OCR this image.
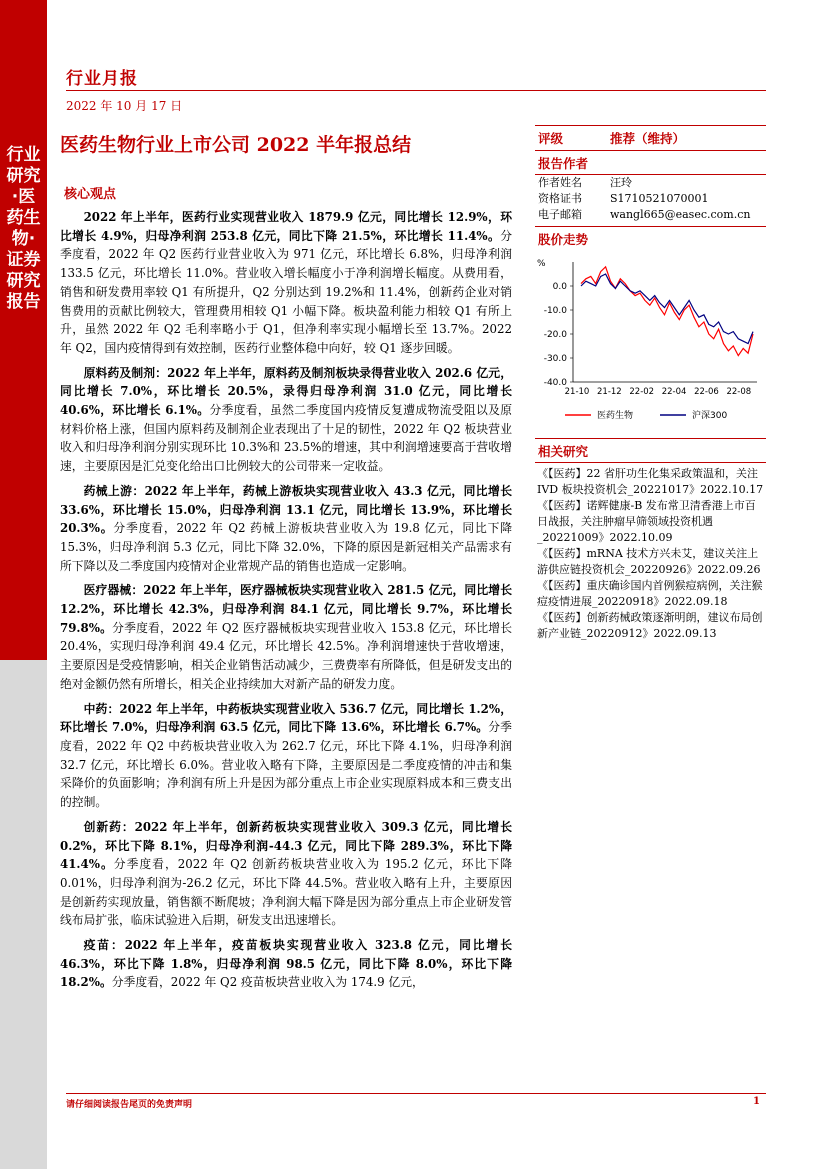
行业研究·医药生物·证券研究报告
行业月报
2022 年 10 月 17 日
医药生物行业上市公司 2022 半年报总结
核心观点

2022 年上半年，医药行业实现营业收入 1879.9 亿元，同比增长 12.9%，环比增长 4.9%，归母净利润 253.8 亿元，同比下降 21.5%，环比增长 11.4%。分季度看，2022 年 Q2 医药行业营业收入为 971 亿元，环比增长 6.8%，归母净利润 133.5 亿元，环比增长 11.0%。营业收入增长幅度小于净利润增长幅度。从费用看，销售和研发费用率较 Q1 有所提升，Q2 分别达到 19.2%和 11.4%，创新药企业对销售费用的贡献比例较大，管理费用相较 Q1 小幅下降。板块盈利能力相较 Q1 有所上升，虽然 2022 年 Q2 毛利率略小于 Q1，但净利率实现小幅增长至 13.7%。2022 年 Q2，国内疫情得到有效控制，医药行业整体稳中向好，较 Q1 逐步回暖。

原料药及制剂：2022 年上半年，原料药及制剂板块录得营业收入 202.6 亿元，同比增长 7.0%，环比增长 20.5%，录得归母净利润 31.0 亿元，同比增长 40.6%，环比增长 6.1%。分季度看，虽然二季度国内疫情反复遭成物流受阻以及原材料价格上涨，但国内原料药及制剂企业表现出了十足的韧性，2022 年 Q2 板块营业收入和归母净利润分别实现环比 10.3%和 23.5%的增速，其中利润增速要高于营收增速，主要原因是汇兑变化给出口比例较大的公司带来一定收益。

药械上游：2022 年上半年，药械上游板块实现营业收入 43.3 亿元，同比增长 33.6%，环比增长 15.0%，归母净利润 13.1 亿元，同比增长 13.9%，环比增长 20.3%。分季度看，2022 年 Q2 药械上游板块营业收入为 19.8 亿元，同比下降 15.3%，归母净利润 5.3 亿元，同比下降 32.0%，下降的原因是新冠相关产品需求有所下降以及二季度国内疫情对企业常规产品的销售也造成一定影响。

医疗器械：2022 年上半年，医疗器械板块实现营业收入 281.5 亿元，同比增长 12.2%，环比增长 42.3%，归母净利润 84.1 亿元，同比增长 9.7%，环比增长 79.8%。分季度看，2022 年 Q2 医疗器械板块实现营业收入 153.8 亿元，环比增长 20.4%，实现归母净利润 49.4 亿元，环比增长 42.5%。净利润增速快于营收增速，主要原因是受疫情影响，相关企业销售活动减少，三费费率有所降低，但是研发支出的绝对金额仍然有所增长，相关企业持续加大对新产品的研发力度。

中药：2022 年上半年，中药板块实现营业收入 536.7 亿元，同比增长 1.2%，环比增长 7.0%，归母净利润 63.5 亿元，同比下降 13.6%，环比增长 6.7%。分季度看，2022 年 Q2 中药板块营业收入为 262.7 亿元，环比下降 4.1%，归母净利润 32.7 亿元，环比增长 6.0%。营业收入略有下降，主要原因是二季度疫情的冲击和集采降价的负面影响；净利润有所上升是因为部分重点上市企业实现原料成本和三费支出的控制。

创新药：2022 年上半年，创新药板块实现营业收入 309.3 亿元，同比增长 0.2%，环比下降 8.1%，归母净利润-44.3 亿元，同比下降 289.3%，环比下降 41.4%。分季度看，2022 年 Q2 创新药板块营业收入为 195.2 亿元，环比下降 0.01%，归母净利润为-26.2 亿元，环比下降 44.5%。营业收入略有上升，主要原因是创新药实现放量，销售额不断爬坡；净利润大幅下降是因为部分重点上市企业研发管线布局扩张，临床试验进入后期，研发支出迅速增长。

疫苗：2022 年上半年，疫苗板块实现营业收入 323.8 亿元，同比增长 46.3%，环比下降 1.8%，归母净利润 98.5 亿元，同比下降 8.0%，环比下降 18.2%。分季度看，2022 年 Q2 疫苗板块营业收入为 174.9 亿元，

评级	推荐（维持）
报告作者
作者姓名	汪玲
资格证书	S1710521070001
电子邮箱	wangl665@easec.com.cn
股价走势
%
0.0
-10.0
-20.0
-30.0
-40.0
21-10 21-12 22-02 22-04 22-06 22-08
医药生物	沪深300
相关研究
《【医药】22 省肝功生化集采政策温和，关注 IVD 板块投资机会_20221017》2022.10.17
《【医药】诺辉健康-B 发布常卫清香港上市百日战报，关注肿瘤早筛领域投资机遇_20221009》2022.10.09
《【医药】mRNA 技术方兴未艾，建议关注上游供应链投资机会_20220926》2022.09.26
《【医药】重庆确诊国内首例猴痘病例，关注猴痘疫情进展_20220918》2022.09.18
《【医药】创新药械政策逐渐明朗，建议布局创新产业链_20220912》2022.09.13
请仔细阅读报告尾页的免责声明	1
